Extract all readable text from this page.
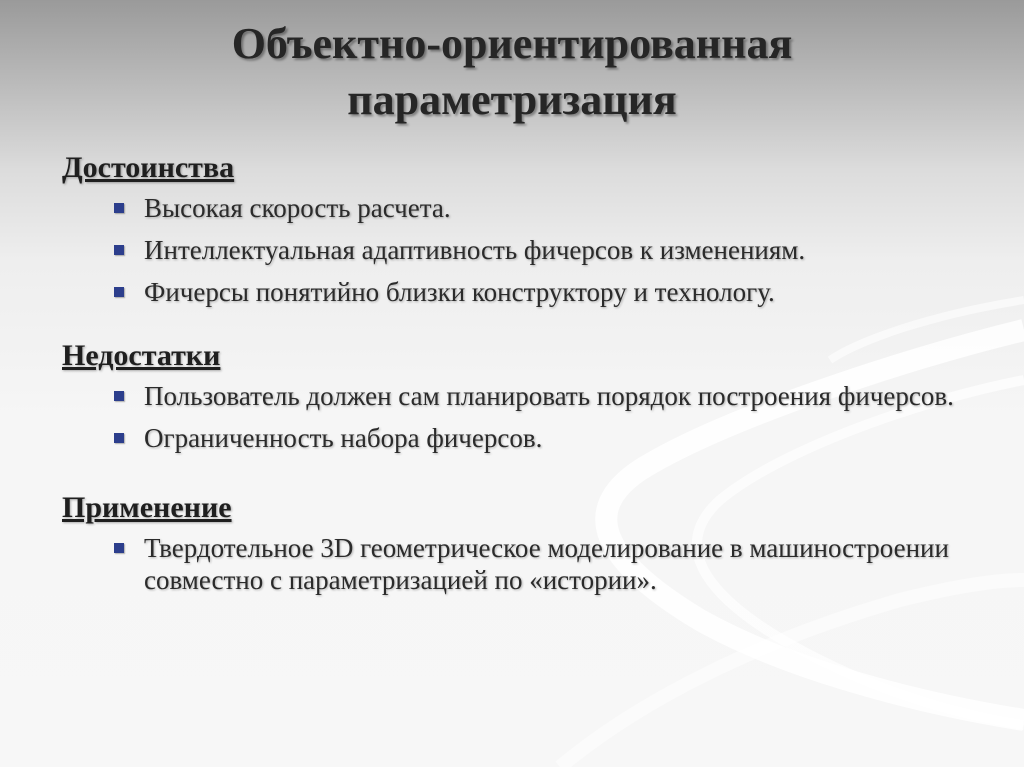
Объектно-ориентированная
параметризация
Достоинства
Высокая скорость расчета.
Интеллектуальная адаптивность фичерсов к изменениям.
Фичерсы понятийно близки конструктору и технологу.
Недостатки
Пользователь должен сам планировать порядок построения фичерсов.
Ограниченность набора фичерсов.
Применение
Твердотельное 3D геометрическое моделирование в машиностроении совместно с параметризацией по «истории».
